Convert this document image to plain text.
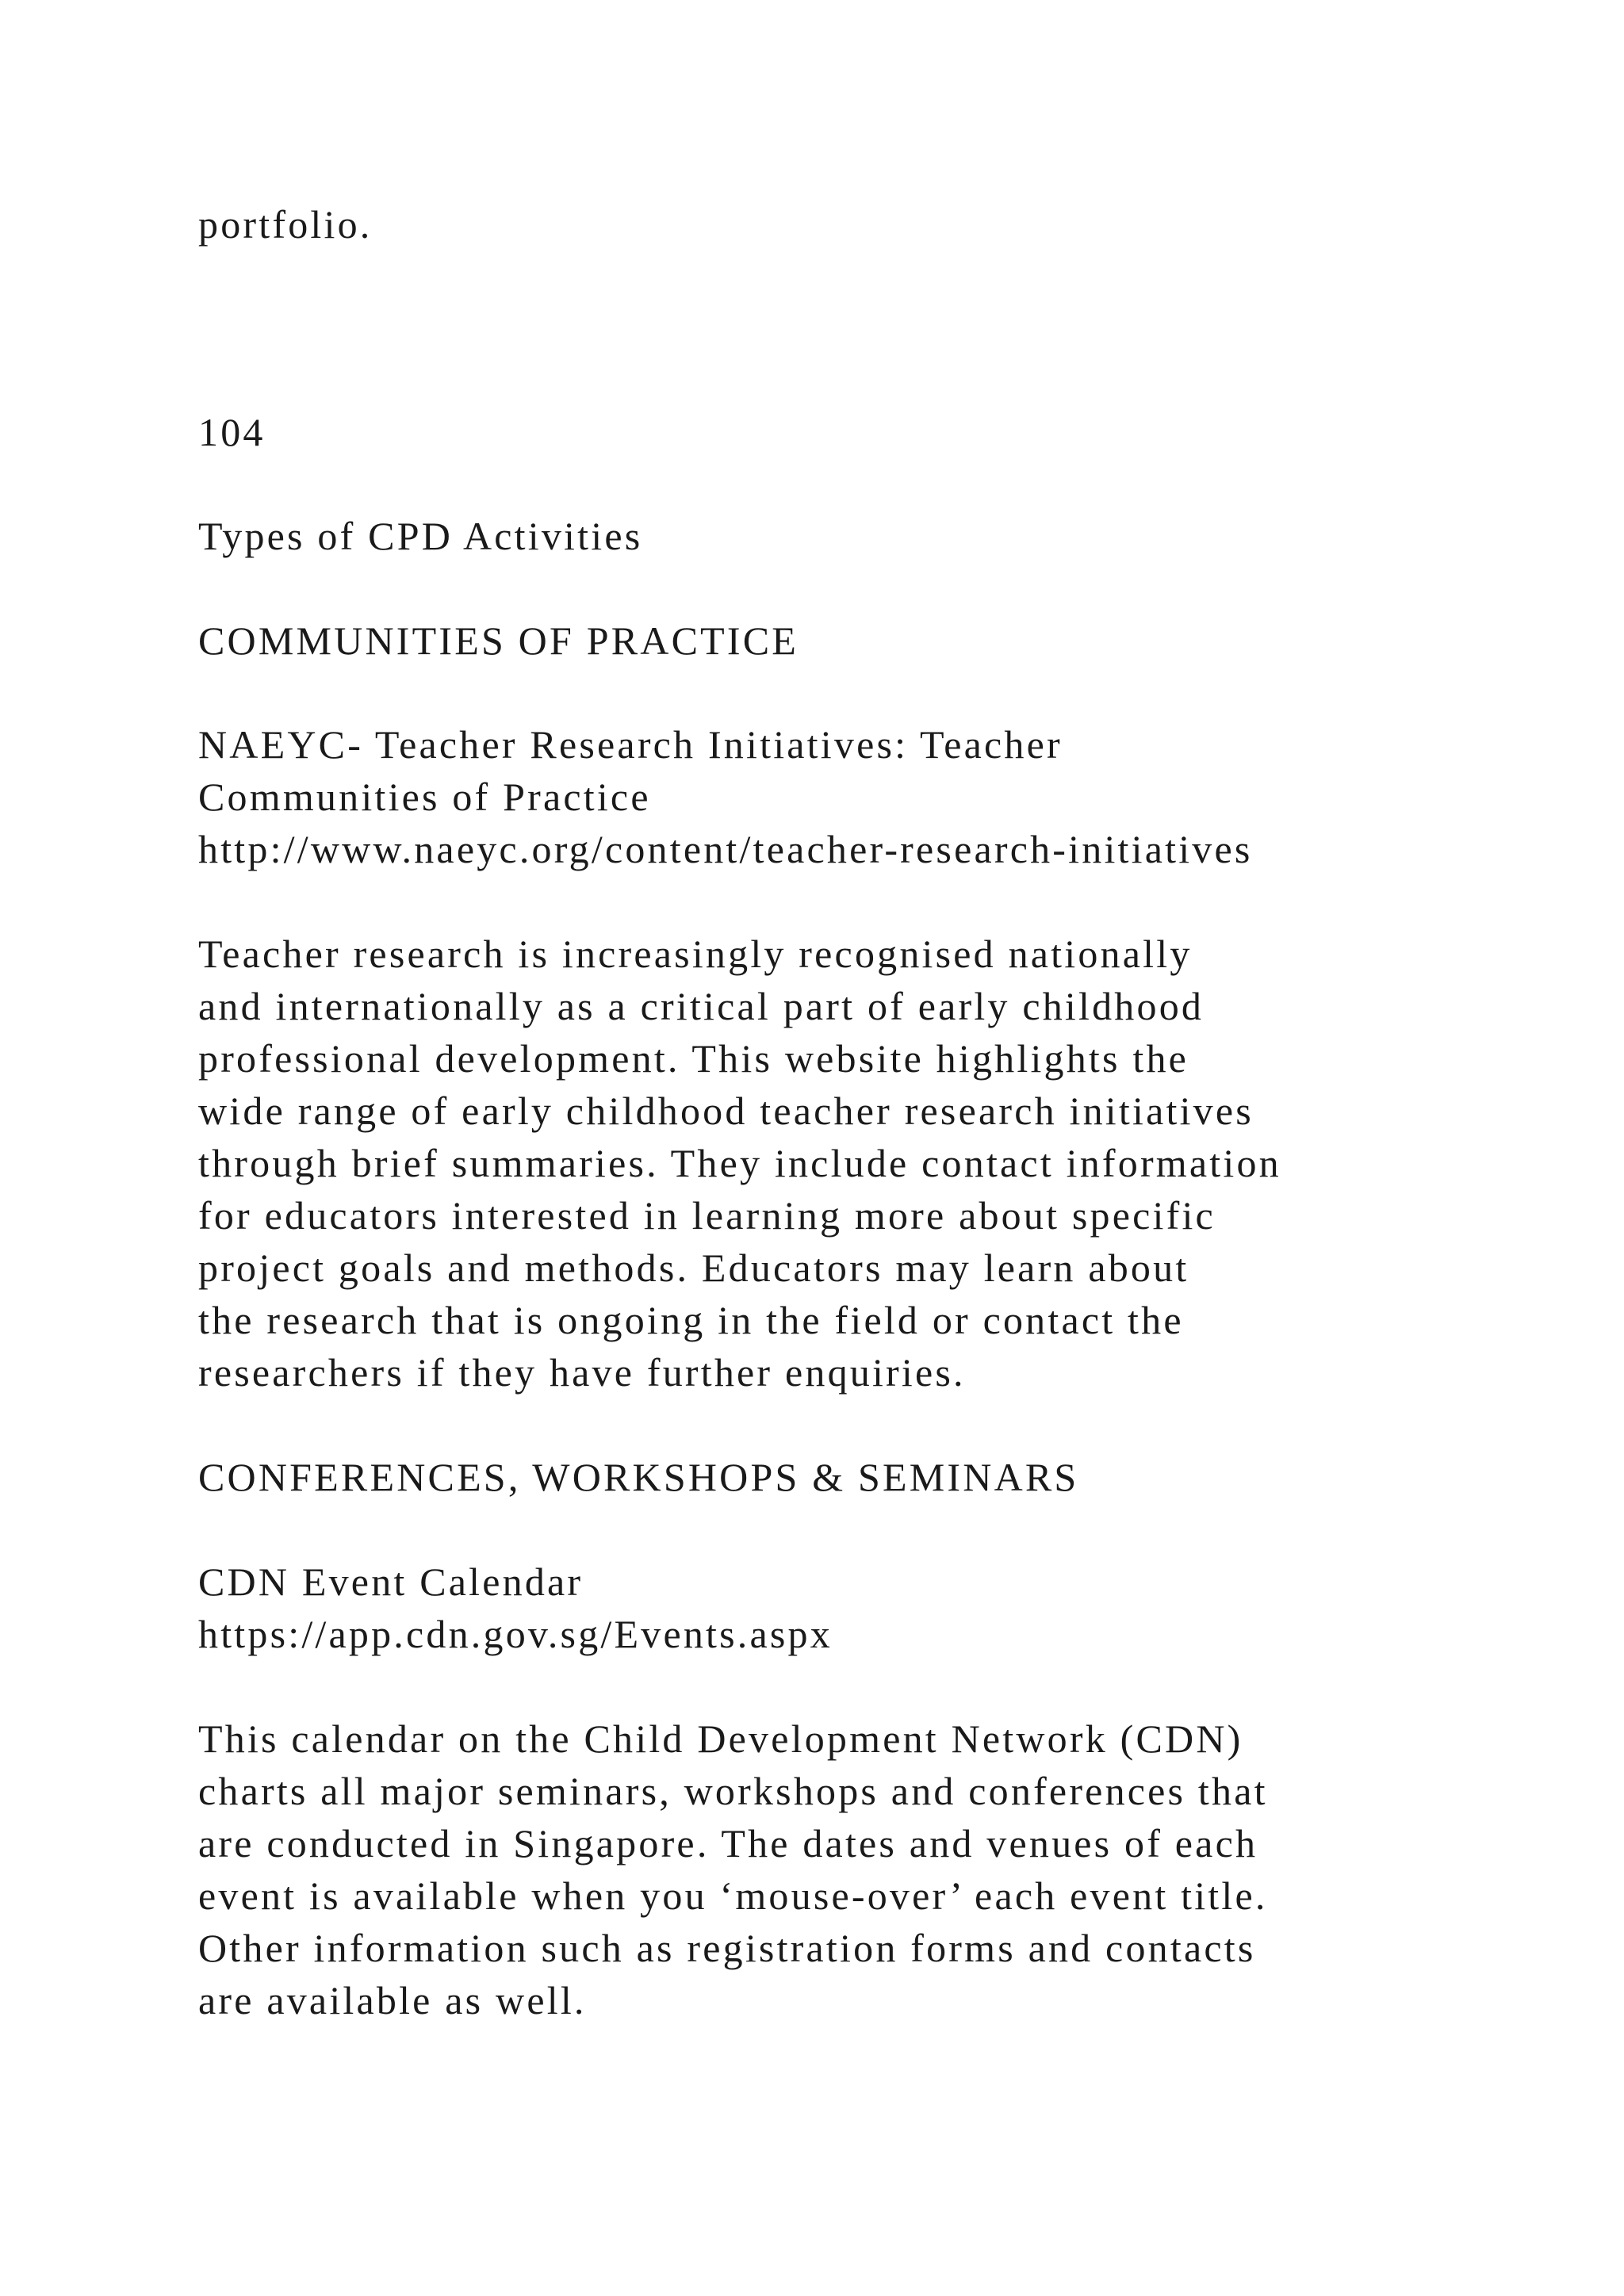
portfolio.
104
Types of CPD Activities
COMMUNITIES OF PRACTICE
NAEYC- Teacher Research Initiatives: Teacher
Communities of Practice
http://www.naeyc.org/content/teacher-research-initiatives
Teacher research is increasingly recognised nationally
and internationally as a critical part of early childhood
professional development. This website highlights the
wide range of early childhood teacher research initiatives
through brief summaries. They include contact information
for educators interested in learning more about specific
project goals and methods. Educators may learn about
the research that is ongoing in the field or contact the
researchers if they have further enquiries.
CONFERENCES, WORKSHOPS & SEMINARS
CDN Event Calendar
https://app.cdn.gov.sg/Events.aspx
This calendar on the Child Development Network (CDN)
charts all major seminars, workshops and conferences that
are conducted in Singapore. The dates and venues of each
event is available when you ‘mouse-over’ each event title.
Other information such as registration forms and contacts
are available as well.
